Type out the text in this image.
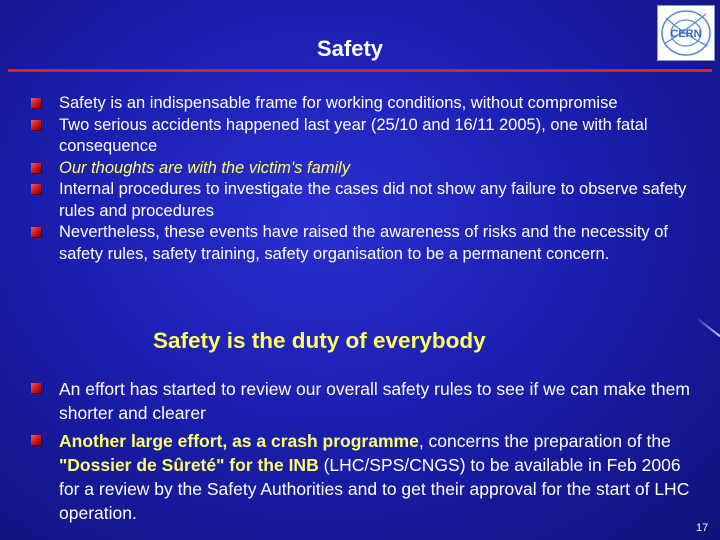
Safety
CERN
Safety is an indispensable frame for working conditions, without compromise
Two serious accidents happened last year (25/10 and 16/11 2005), one with fatal consequence
Our thoughts are with the victim's family
Internal procedures to investigate the cases did not show any failure to observe safety rules and procedures
Nevertheless, these events have raised the awareness of risks and the necessity of safety rules, safety training, safety organisation to be a permanent concern.
Safety is the duty of everybody
An effort has started to review our overall safety rules to see if we can make them shorter and clearer
Another large effort, as a crash programme, concerns the preparation of the "Dossier de Sûreté" for the INB (LHC/SPS/CNGS) to be available in Feb 2006 for a review by the Safety Authorities and to get their approval for the start of LHC operation.
17
